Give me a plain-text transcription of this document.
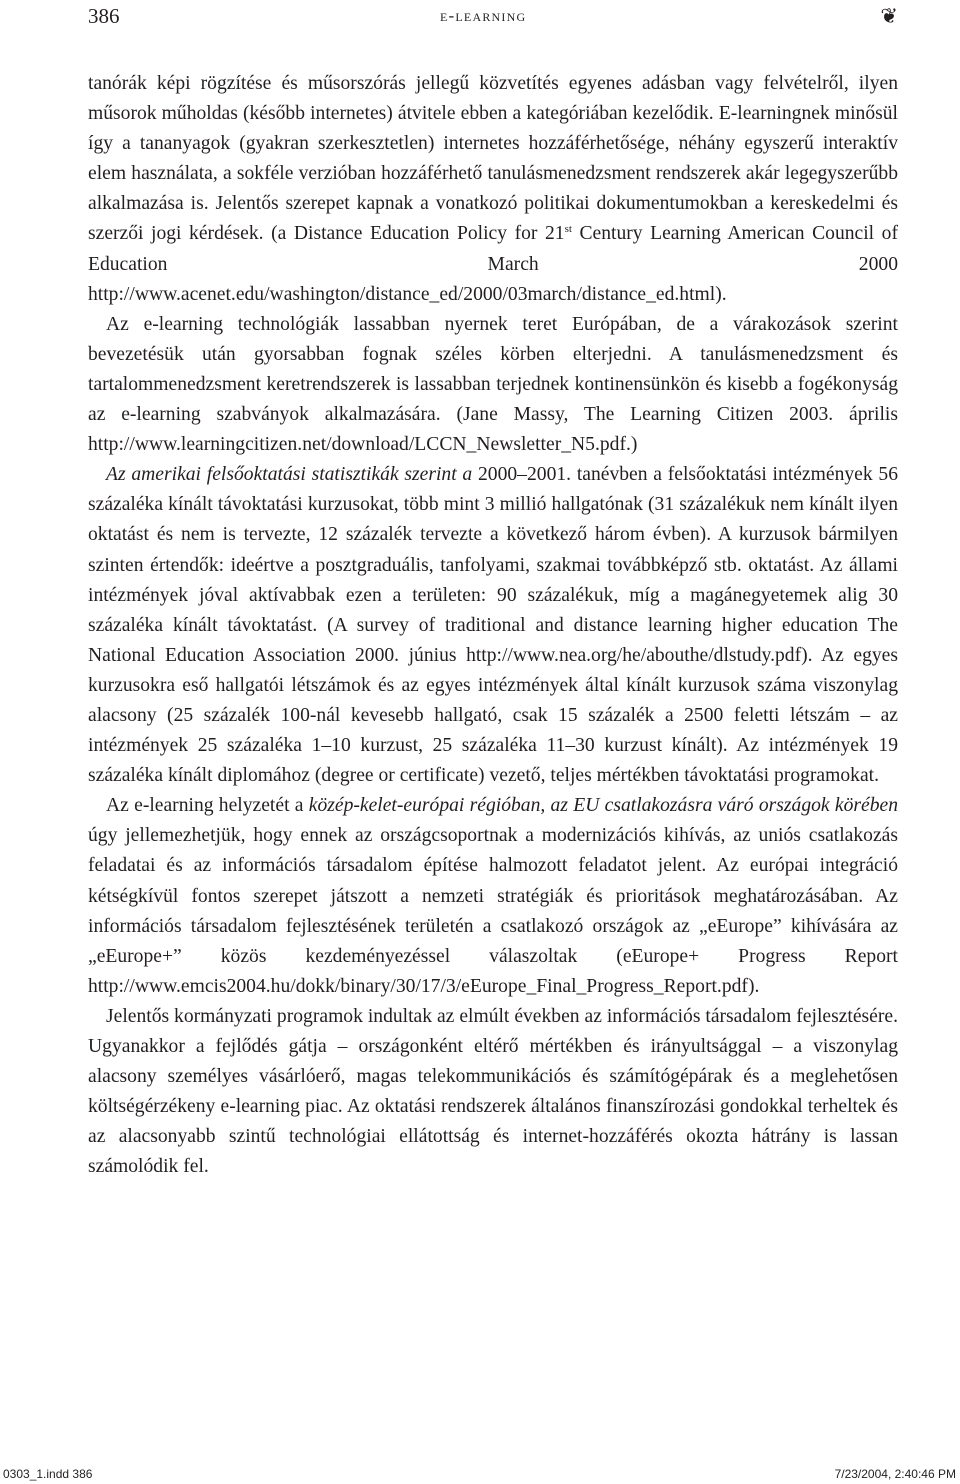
386	e-learning	❦

tanórák képi rögzítése és műsorszórás jellegű közvetítés egyenes adásban vagy felvételről, ilyen műsorok műholdas (később internetes) átvitele ebben a kategóriában kezelődik. E-learningnek minősül így a tananyagok (gyakran szerkesztetlen) internetes hozzáférhetősége, néhány egyszerű interaktív elem használata, a sokféle verzióban hozzáférhető tanulásmenedzsment rendszerek akár legegyszerűbb alkalmazása is. Jelentős szerepet kapnak a vonatkozó politikai dokumentumokban a kereskedelmi és szerzői jogi kérdések. (a Distance Education Policy for 21st Century Learning American Council of Education March 2000 http://www.acenet.edu/washington/distance_ed/2000/03march/distance_ed.html).

Az e-learning technológiák lassabban nyernek teret Európában, de a várakozások szerint bevezetésük után gyorsabban fognak széles körben elterjedni. A tanulásmenedzsment és tartalommenedzsment keretrendszerek is lassabban terjednek kontinensünkön és kisebb a fogékonyság az e-learning szabványok alkalmazására. (Jane Massy, The Learning Citizen 2003. április http://www.learningcitizen.net/download/LCCN_Newsletter_N5.pdf.)

Az amerikai felsőoktatási statisztikák szerint a 2000–2001. tanévben a felsőoktatási intézmények 56 százaléka kínált távoktatási kurzusokat, több mint 3 millió hallgatónak (31 százalékuk nem kínált ilyen oktatást és nem is tervezte, 12 százalék tervezte a következő három évben). A kurzusok bármilyen szinten értendők: ideértve a posztgraduális, tanfolyami, szakmai továbbképző stb. oktatást. Az állami intézmények jóval aktívabbak ezen a területen: 90 százalékuk, míg a magánegyetemek alig 30 százaléka kínált távoktatást. (A survey of traditional and distance learning higher education The National Education Association 2000. június http://www.nea.org/he/abouthe/dlstudy.pdf). Az egyes kurzusokra eső hallgatói létszámok és az egyes intézmények által kínált kurzusok száma viszonylag alacsony (25 százalék 100-nál kevesebb hallgató, csak 15 százalék a 2500 feletti létszám – az intézmények 25 százaléka 1–10 kurzust, 25 százaléka 11–30 kurzust kínált). Az intézmények 19 százaléka kínált diplomához (degree or certificate) vezető, teljes mértékben távoktatási programokat.

Az e-learning helyzetét a közép-kelet-európai régióban, az EU csatlakozásra váró országok körében úgy jellemezhetjük, hogy ennek az országcsoportnak a modernizációs kihívás, az uniós csatlakozás feladatai és az információs társadalom építése halmozott feladatot jelent. Az európai integráció kétségkívül fontos szerepet játszott a nemzeti stratégiák és prioritások meghatározásában. Az információs társadalom fejlesztésének területén a csatlakozó országok az „eEurope” kihívására az „eEurope+” közös kezdeményezéssel válaszoltak (eEurope+ Progress Report http://www.emcis2004.hu/dokk/binary/30/17/3/eEurope_Final_Progress_Report.pdf).

Jelentős kormányzati programok indultak az elmúlt években az információs társadalom fejlesztésére. Ugyanakkor a fejlődés gátja – országonként eltérő mértékben és irányultsággal – a viszonylag alacsony személyes vásárlóerő, magas telekommunikációs és számítógépárak és a meglehetősen költségérzékeny e-learning piac. Az oktatási rendszerek általános finanszírozási gondokkal terheltek és az alacsonyabb szintű technológiai ellátottság és internet-hozzáférés okozta hátrány is lassan számolódik fel.

0303_1.indd 386	7/23/2004, 2:40:46 PM
